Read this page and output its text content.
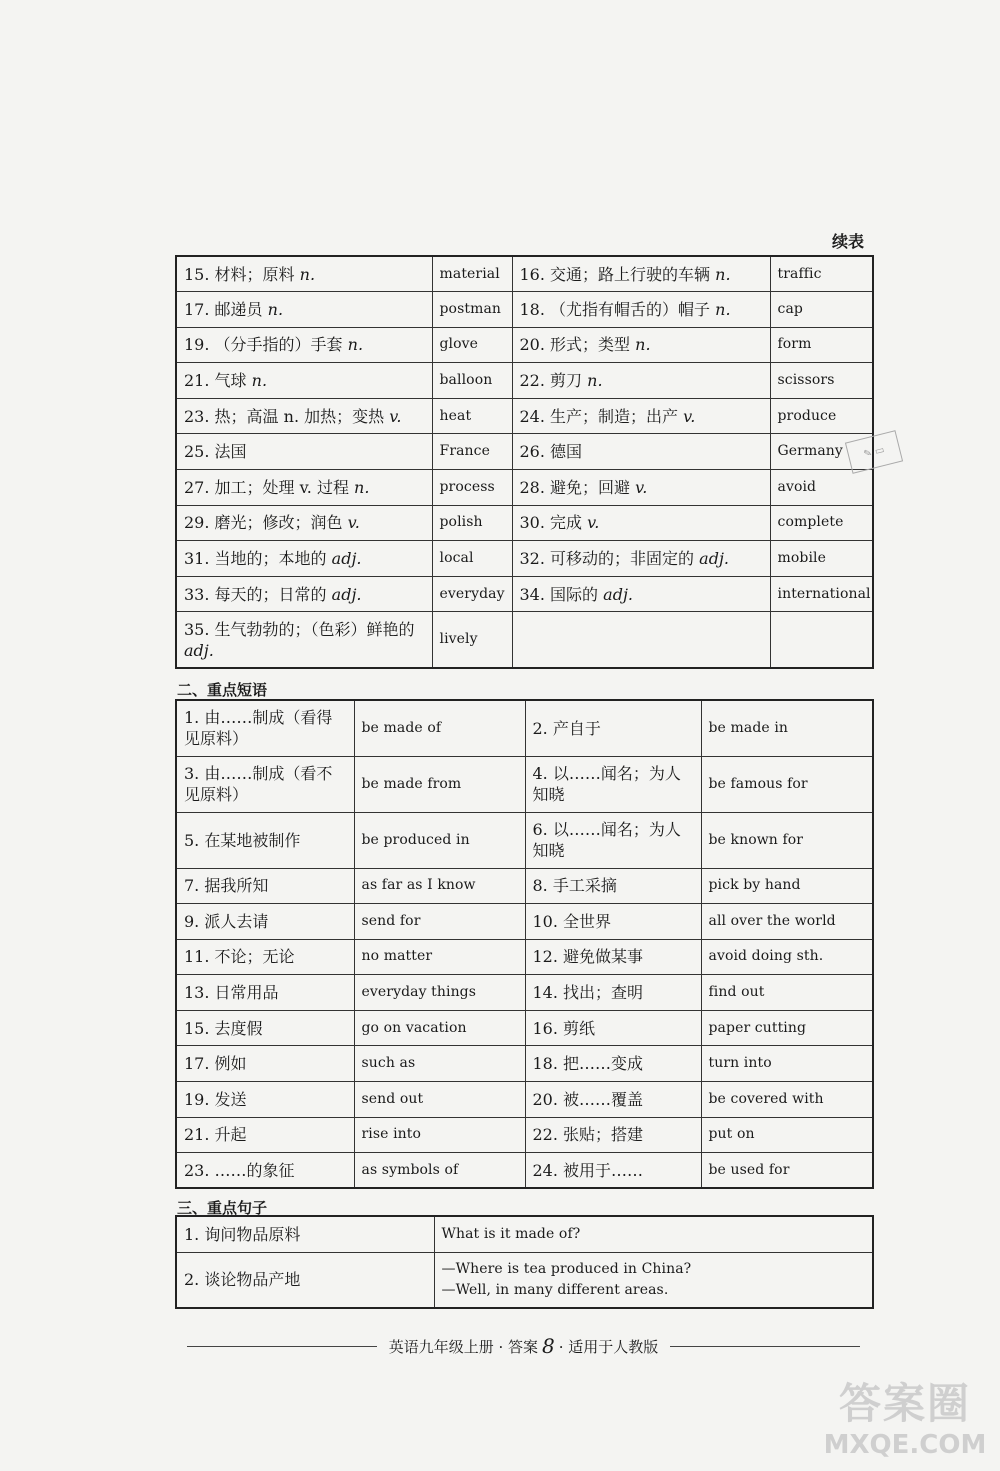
续表
15. 材料；原料 n.	material	16. 交通；路上行驶的车辆 n.	traffic
17. 邮递员 n.	postman	18. （尤指有帽舌的）帽子 n.	cap
19. （分手指的）手套 n.	glove	20. 形式；类型 n.	form
21. 气球 n.	balloon	22. 剪刀 n.	scissors
23. 热；高温 n. 加热；变热 v.	heat	24. 生产；制造；出产 v.	produce
25. 法国	France	26. 德国	Germany
27. 加工；处理 v. 过程 n.	process	28. 避免；回避 v.	avoid
29. 磨光；修改；润色 v.	polish	30. 完成 v.	complete
31. 当地的；本地的 adj.	local	32. 可移动的；非固定的 adj.	mobile
33. 每天的；日常的 adj.	everyday	34. 国际的 adj.	international
35. 生气勃勃的；（色彩）鲜艳的 adj.	lively		
✎ ▭
二、重点短语
1. 由……制成（看得见原料）	be made of	2. 产自于	be made in
3. 由……制成（看不见原料）	be made from	4. 以……闻名；为人知晓	be famous for
5. 在某地被制作	be produced in	6. 以……闻名；为人知晓	be known for
7. 据我所知	as far as I know	8. 手工采摘	pick by hand
9. 派人去请	send for	10. 全世界	all over the world
11. 不论；无论	no matter	12. 避免做某事	avoid doing sth.
13. 日常用品	everyday things	14. 找出；查明	find out
15. 去度假	go on vacation	16. 剪纸	paper cutting
17. 例如	such as	18. 把……变成	turn into
19. 发送	send out	20. 被……覆盖	be covered with
21. 升起	rise into	22. 张贴；搭建	put on
23. ……的象征	as symbols of	24. 被用于……	be used for
三、重点句子
1. 询问物品原料	What is it made of?
2. 谈论物品产地	—Where is tea produced in China?
—Well, in many different areas.
英语九年级上册 · 答案 8 · 适用于人教版
答案圈
MXQE.COM
